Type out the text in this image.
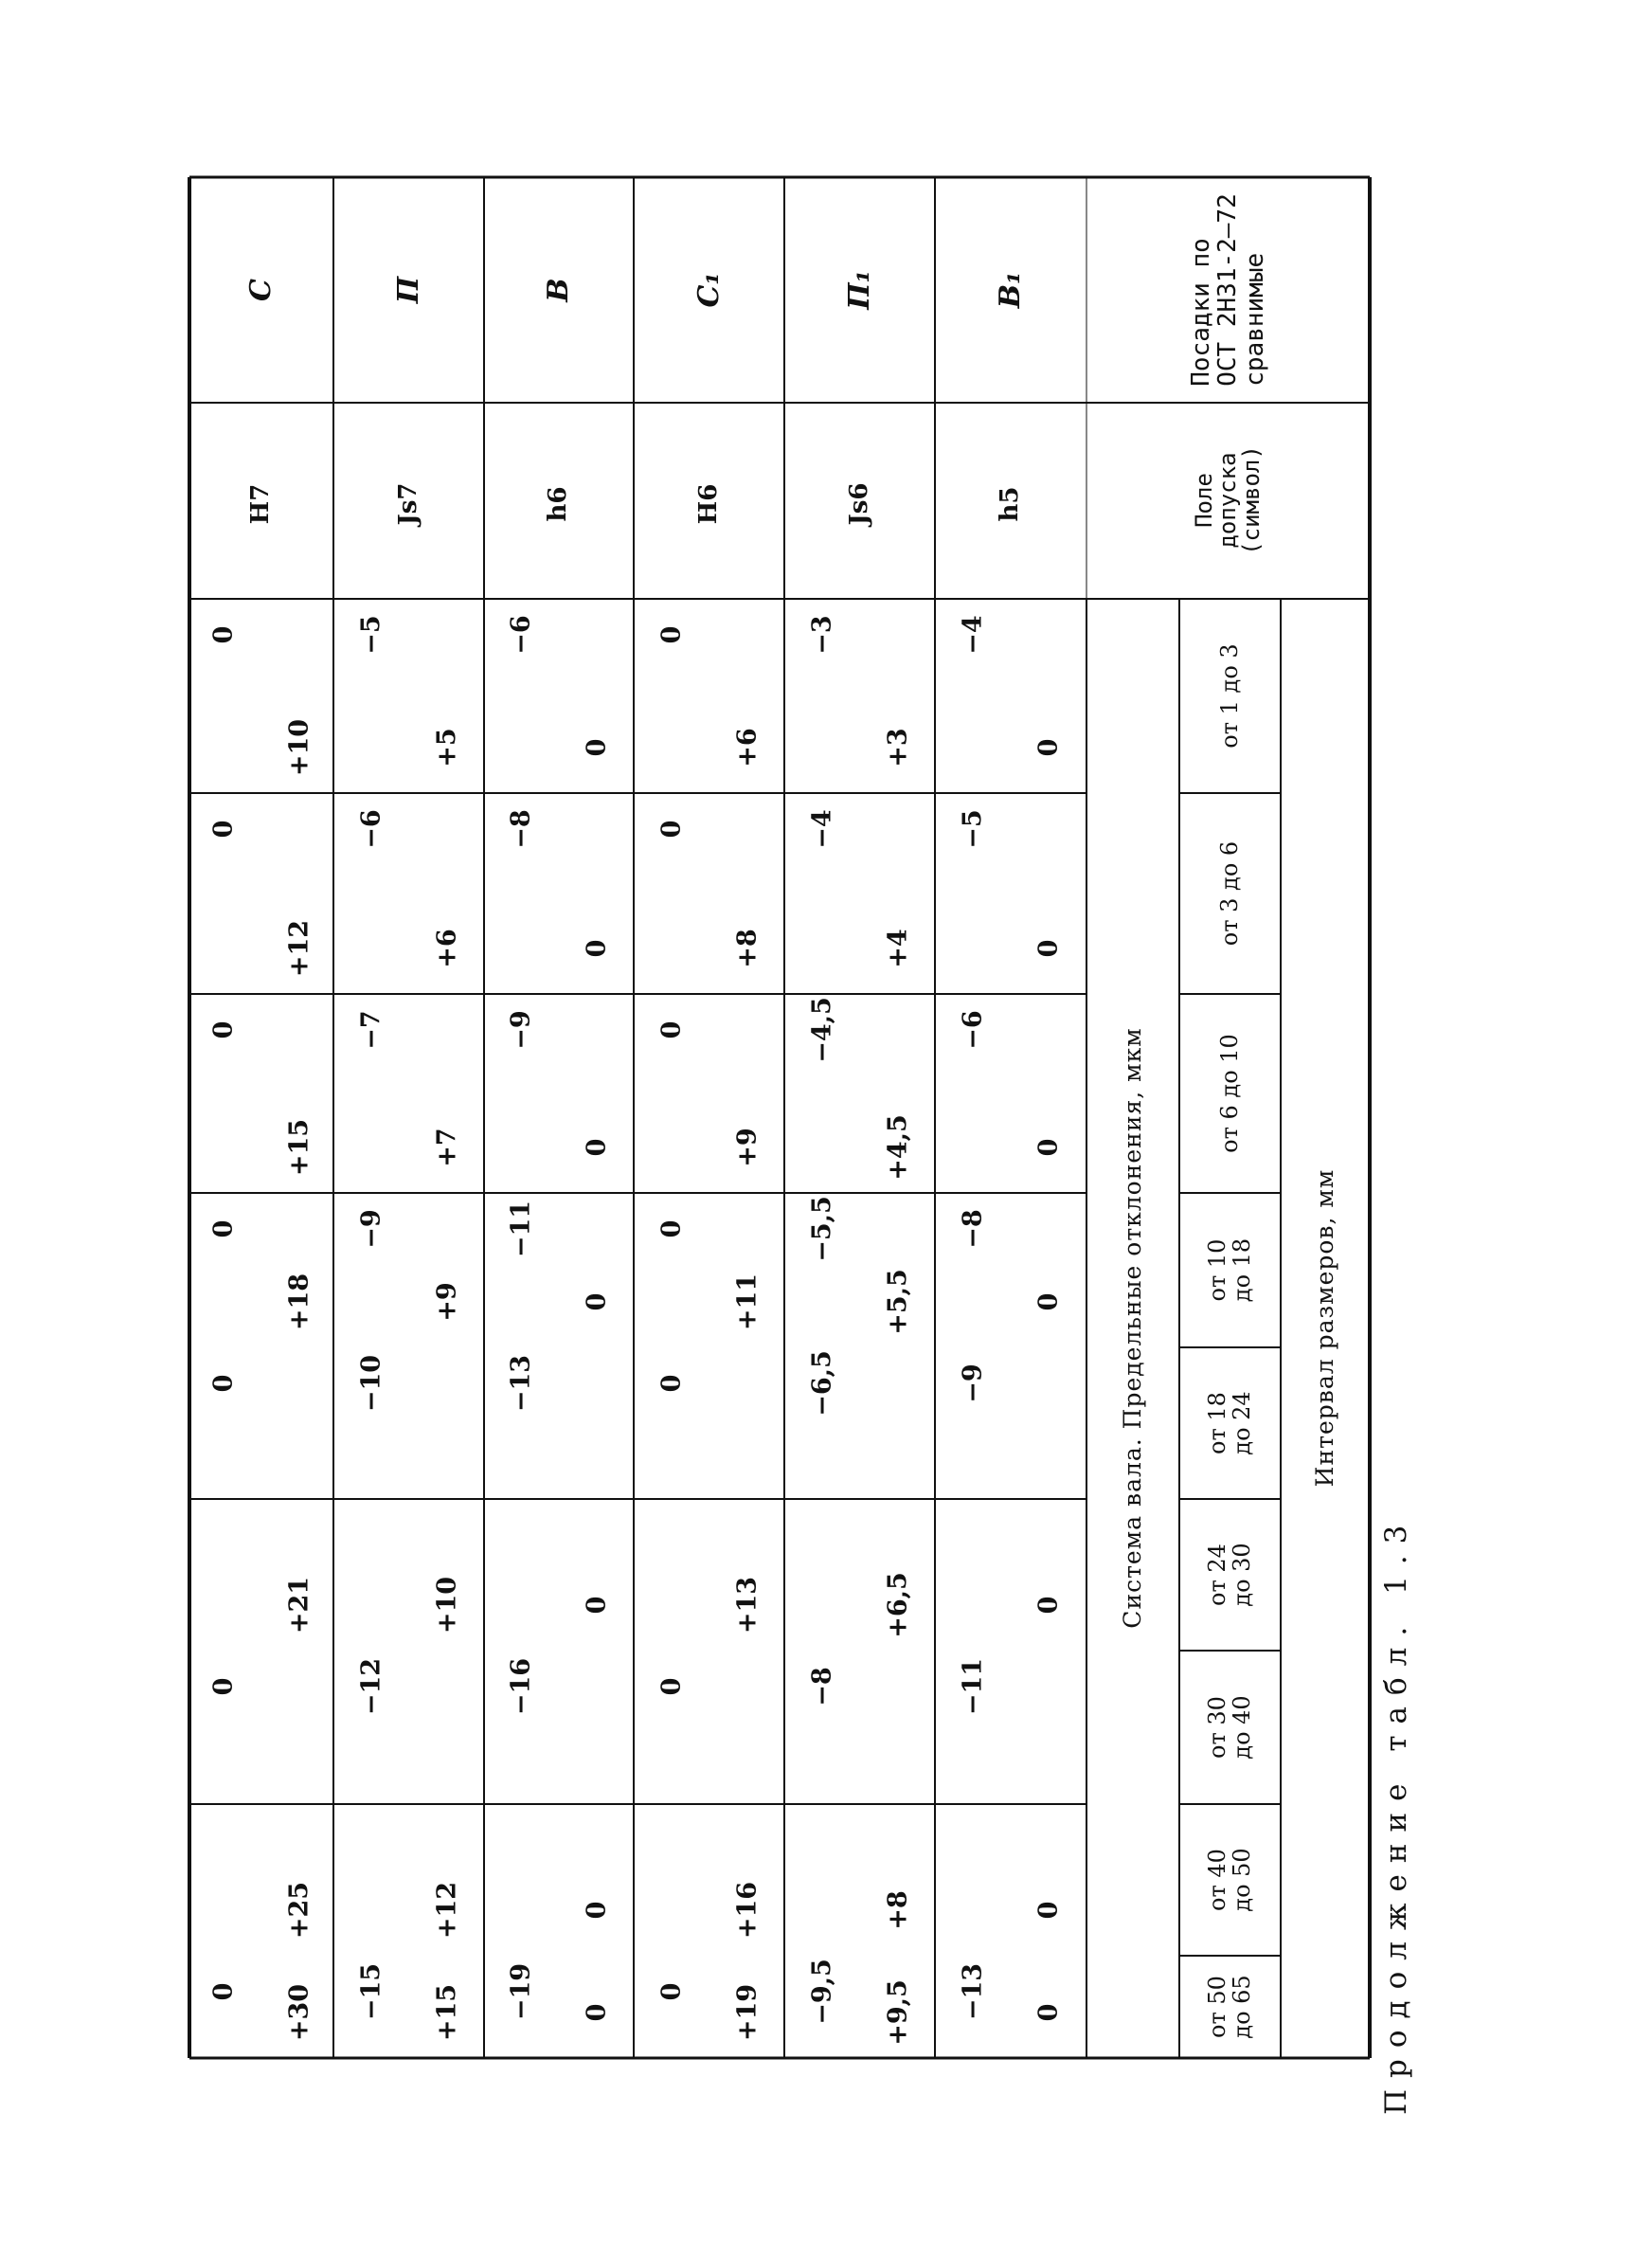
Продолжение табл. 1.3
Посадки по
ОСТ 2Н31-2—72
сравнимые
Поле
допуска
(символ)
Интервал размеров, мм
Система вала. Предельные отклонения, мкм
от 1 до 3
от 3 до 6
от 6 до 10
от 10
до 18
от 18
до 24
от 24
до 30
от 30
до 40
от 40
до 50
от 50
до 65
С
H7
П
Js7
В
h6
С₁
H6
П₁
Js6
В₁
h5
0
+10
0
+12
0
+15
0
+18
0
+21
0
+25
0 +30
−5
+5
−6
+6
−7
+7
−9
+9
−10
+10
−12
+12
−15 +15
−6
0
−8
0
−9
0
−11
0
−13
0
−16
0
−19 0
0
+6
0
+8
0
+9
0
+11
0
+13
0
+16
0 +19
−3
+3
−4
+4
−4,5
+4,5
−5,5
+5,5
−6,5
+6,5
−8
+8
−9,5 +9,5
−4
0
−5
0
−6
0
−8
0
−9
0
−11
0
−13 0
